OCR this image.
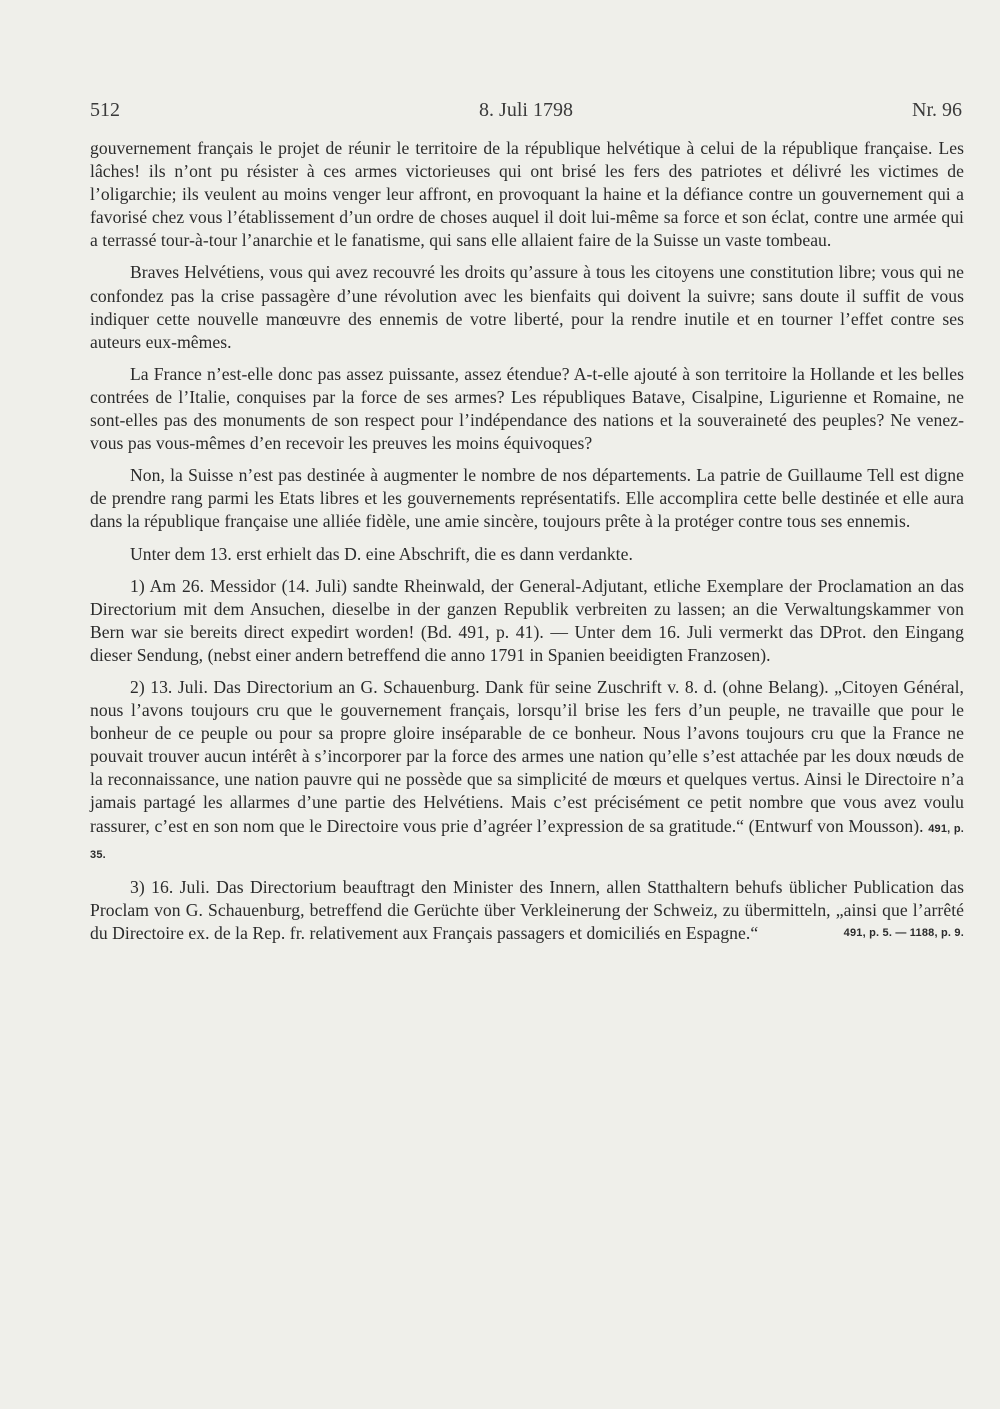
512	8. Juli 1798	Nr. 96

gouvernement français le projet de réunir le territoire de la république helvétique à celui de la république française. Les lâches! ils n’ont pu résister à ces armes victorieuses qui ont brisé les fers des patriotes et délivré les victimes de l’oligarchie; ils veulent au moins venger leur affront, en provoquant la haine et la défiance contre un gouvernement qui a favorisé chez vous l’établissement d’un ordre de choses auquel il doit lui-même sa force et son éclat, contre une armée qui a terrassé tour-à-tour l’anarchie et le fanatisme, qui sans elle allaient faire de la Suisse un vaste tombeau.

Braves Helvétiens, vous qui avez recouvré les droits qu’assure à tous les citoyens une constitution libre; vous qui ne confondez pas la crise passagère d’une révolution avec les bienfaits qui doivent la suivre; sans doute il suffit de vous indiquer cette nouvelle manœuvre des ennemis de votre liberté, pour la rendre inutile et en tourner l’effet contre ses auteurs eux-mêmes.

La France n’est-elle donc pas assez puissante, assez étendue? A-t-elle ajouté à son territoire la Hollande et les belles contrées de l’Italie, conquises par la force de ses armes? Les républiques Batave, Cisalpine, Ligurienne et Romaine, ne sont-elles pas des monuments de son respect pour l’indépendance des nations et la souveraineté des peuples? Ne venez-vous pas vous-mêmes d’en recevoir les preuves les moins équivoques?

Non, la Suisse n’est pas destinée à augmenter le nombre de nos départements. La patrie de Guillaume Tell est digne de prendre rang parmi les Etats libres et les gouvernements représentatifs. Elle accomplira cette belle destinée et elle aura dans la république française une alliée fidèle, une amie sincère, toujours prête à la protéger contre tous ses ennemis.

Unter dem 13. erst erhielt das D. eine Abschrift, die es dann verdankte.

1) Am 26. Messidor (14. Juli) sandte Rheinwald, der General-Adjutant, etliche Exemplare der Proclamation an das Directorium mit dem Ansuchen, dieselbe in der ganzen Republik verbreiten zu lassen; an die Verwaltungskammer von Bern war sie bereits direct expedirt worden! (Bd. 491, p. 41). — Unter dem 16. Juli vermerkt das DProt. den Eingang dieser Sendung, (nebst einer andern betreffend die anno 1791 in Spanien beeidigten Franzosen).

2) 13. Juli. Das Directorium an G. Schauenburg. Dank für seine Zuschrift v. 8. d. (ohne Belang). „Citoyen Général, nous l’avons toujours cru que le gouvernement français, lorsqu’il brise les fers d’un peuple, ne travaille que pour le bonheur de ce peuple ou pour sa propre gloire inséparable de ce bonheur. Nous l’avons toujours cru que la France ne pouvait trouver aucun intérêt à s’incorporer par la force des armes une nation qu’elle s’est attachée par les doux nœuds de la reconnaissance, une nation pauvre qui ne possède que sa simplicité de mœurs et quelques vertus. Ainsi le Directoire n’a jamais partagé les allarmes d’une partie des Helvétiens. Mais c’est précisément ce petit nombre que vous avez voulu rassurer, c’est en son nom que le Directoire vous prie d’agréer l’expression de sa gratitude.“ (Entwurf von Mousson). 491, p. 35.

3) 16. Juli. Das Directorium beauftragt den Minister des Innern, allen Statthaltern behufs üblicher Publication das Proclam von G. Schauenburg, betreffend die Gerüchte über Verkleinerung der Schweiz, zu übermitteln, „ainsi que l’arrêté du Directoire ex. de la Rep. fr. relativement aux Français passagers et domiciliés en Espagne.“	491, p. 5. — 1188, p. 9.
